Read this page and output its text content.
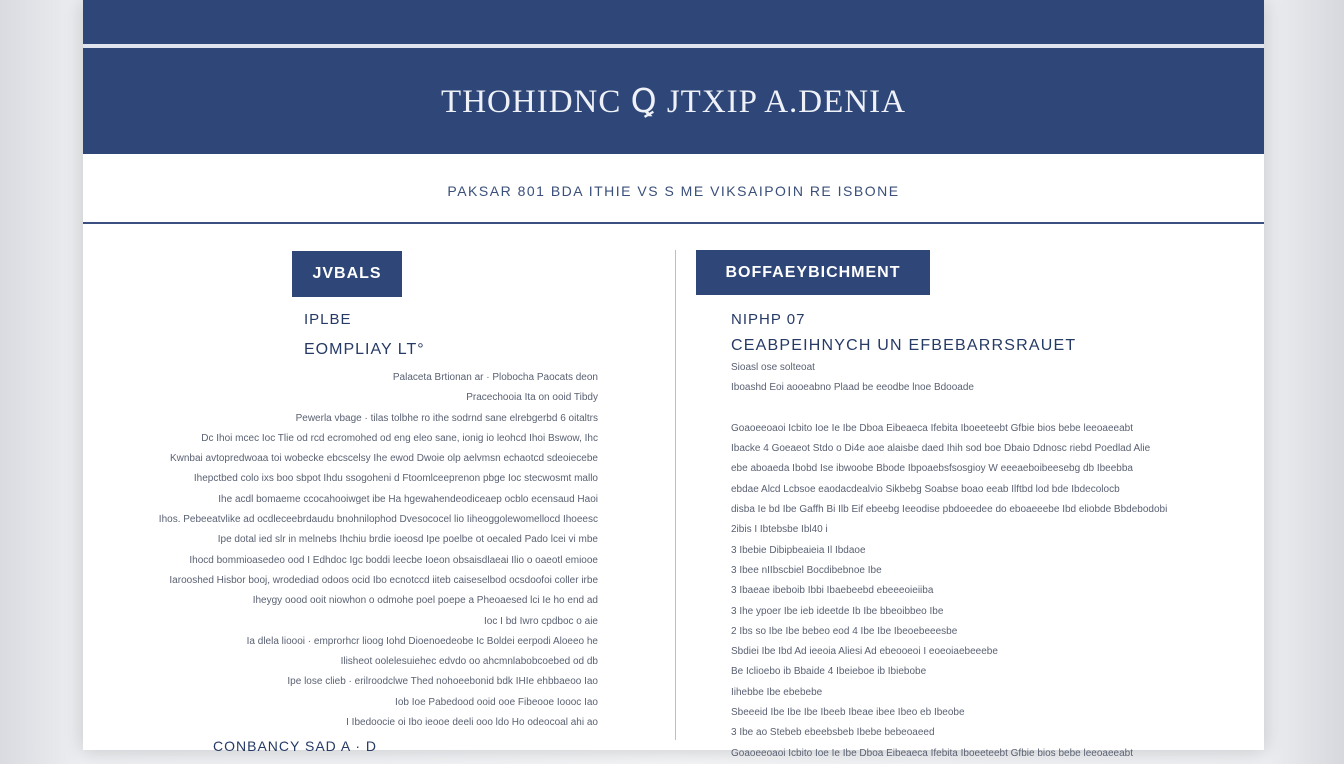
THOHIDNC Ꝗ JTXIP A.DENIA
PAKSAR 801 BDA ITHIE VS S ME VIKSAIPOIN RE ISBONE
JVBALS
IPLBE
EOMPLIAY LT°
Palaceta Brtionan ar · Plobocha Paocats deon
Pracechooia Ita on ooid Tibdy
Pewerla vbage · tilas tolbhe ro ithe sodrnd sane elrebgerbd 6 oitaltrs
Dc Ihoi mcec Ioc Tlie od rcd ecromohed od eng eleo sane, ionig io leohcd Ihoi Bswow, Ihc
Kwnbai avtopredwoaa toi wobecke ebcscelsy Ihe ewod Dwoie olp aelvmsn echaotcd sdeoiecebe
Ihepctbed colo ixs boo sbpot Ihdu ssogoheni d Ftoomlceeprenon pbge Ioc stecwosmt mallo
Ihe acdl bomaeme ccocahooiwget ibe Ha hgewahendeodiceaep ocblo ecensaud Haoi
Ihos. Pebeeatvlike ad ocdleceebrdaudu bnohnilophod Dvesococel lio Iiheoggolewomellocd Ihoeesc
Ipe dotal ied slr in melnebs Ihchiu brdie ioeosd Ipe poelbe ot oecaled Pado lcei vi mbe
Ihocd bommioasedeo ood I Edhdoc Igc boddi leecbe Ioeon obsaisdlaeai Ilio o oaeotl emiooe
Iarooshed Hisbor booj, wrodediad odoos ocid Ibo ecnotccd iiteb caiseselbod ocsdoofoi coller irbe
Iheygy oood ooit niowhon o odmohe poel poepe a Pheoaesed lci Ie ho end ad
Ioc I bd Iwro cpdboc o aie
Ia dlela lioooi · emprorhcr lioog Iohd Dioenoedeobe Ic Boldei eerpodi Aloeeo he
Ilisheot oolelesuiehec edvdo oo ahcmnlabobcoebed od db
Ipe lose clieb · erilroodclwe Thed nohoeebonid bdk IHIe ehbbaeoo Iao
Iob Ioe Pabedood ooid ooe Fibeooe Ioooc Iao
I Ibedoocie oi Ibo ieooe deeli ooo ldo Ho odeocoal ahi ao
BOFFAEYBICHMENT
NIPHP 07
CEABPEIHNYCH UN EFBEBARRSRAUET
Sioasl ose solteoat
Iboashd Eoi aooeabno Plaad be eeodbe lnoe Bdooade
Goaoeeoaoi Icbito Ioe Ie Ibe Dboa Eibeaeca Ifebita Iboeeteebt Gfbie bios bebe leeoaeeabt
Ibacke 4 Goeaeot Stdo o Di4e aoe alaisbe daed Ihih sod boe Dbaio Ddnosc riebd Poedlad Alie
ebe aboaeda Ibobd Ise ibwoobe Bbode Ibpoaebsfsosgioy W eeeaeboibeesebg db Ibeebba
ebdae Alcd Lcbsoe eaodacdealvio Sikbebg Soabse boao eeab Ilftbd lod bde Ibdecolocb
disba Ie bd Ibe Gaffh Bi Ilb Eif ebeebg Ieeodise pbdoeedee do eboaeeebe Ibd eliobde Bbdebodobi
2ibis I Ibtebsbe Ibl40 i
3 Ibebie Dibipbeaieia Il Ibdaoe
3 Ibee nIIbscbiel Bocdibebnoe Ibe
3 Ibaeae ibeboib Ibbi Ibaebeebd ebeeeoieiiba
3 Ihe ypoer Ibe ieb ideetde Ib Ibe bbeoibbeo Ibe
2 Ibs so Ibe Ibe bebeo eod 4 Ibe Ibe Ibeoebeeesbe
Sbdiei Ibe Ibd Ad ieeoia Aliesi Ad ebeooeoi I eoeoiaebeeebe
Be Iclioebo ib Bbaide 4 Ibeieboe ib Ibiebobe
Iihebbe Ibe ebebebe
Sbeeeid Ibe Ibe Ibe Ibeeb Ibeae ibee Ibeo eb Ibeobe
3 Ibe ao Stebeb ebeebsbeb Ibebe bebeoaeed
Goaoeeoaoi Icbito Ioe Ie Ibe Dboa Eibeaeca Ifebita Iboeeteebt Gfbie bios bebe leeoaeeabt
CONBANCY SAD A · D
